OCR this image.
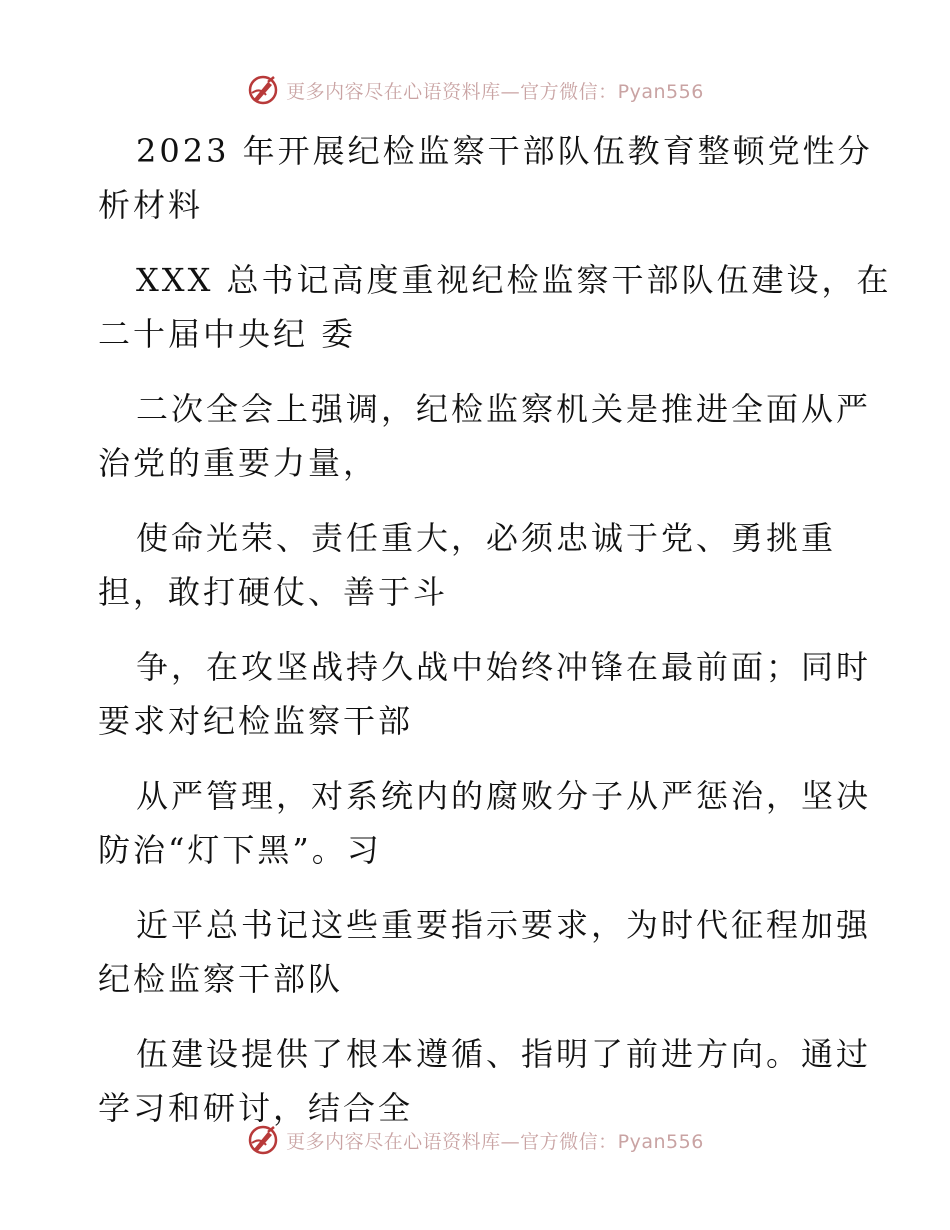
更多内容尽在心语资料库—官方微信：Pyan556

2023 年开展纪检监察干部队伍教育整顿党性分
析材料

XXX 总书记高度重视纪检监察干部队伍建设，在
二十届中央纪 委

二次全会上强调，纪检监察机关是推进全面从严
治党的重要力量，

使命光荣、责任重大，必须忠诚于党、勇挑重
担，敢打硬仗、善于斗

争，在攻坚战持久战中始终冲锋在最前面；同时
要求对纪检监察干部

从严管理，对系统内的腐败分子从严惩治，坚决
防治“灯下黑”。习

近平总书记这些重要指示要求，为时代征程加强
纪检监察干部队

伍建设提供了根本遵循、指明了前进方向。通过
学习和研讨，结合全

更多内容尽在心语资料库—官方微信：Pyan556
